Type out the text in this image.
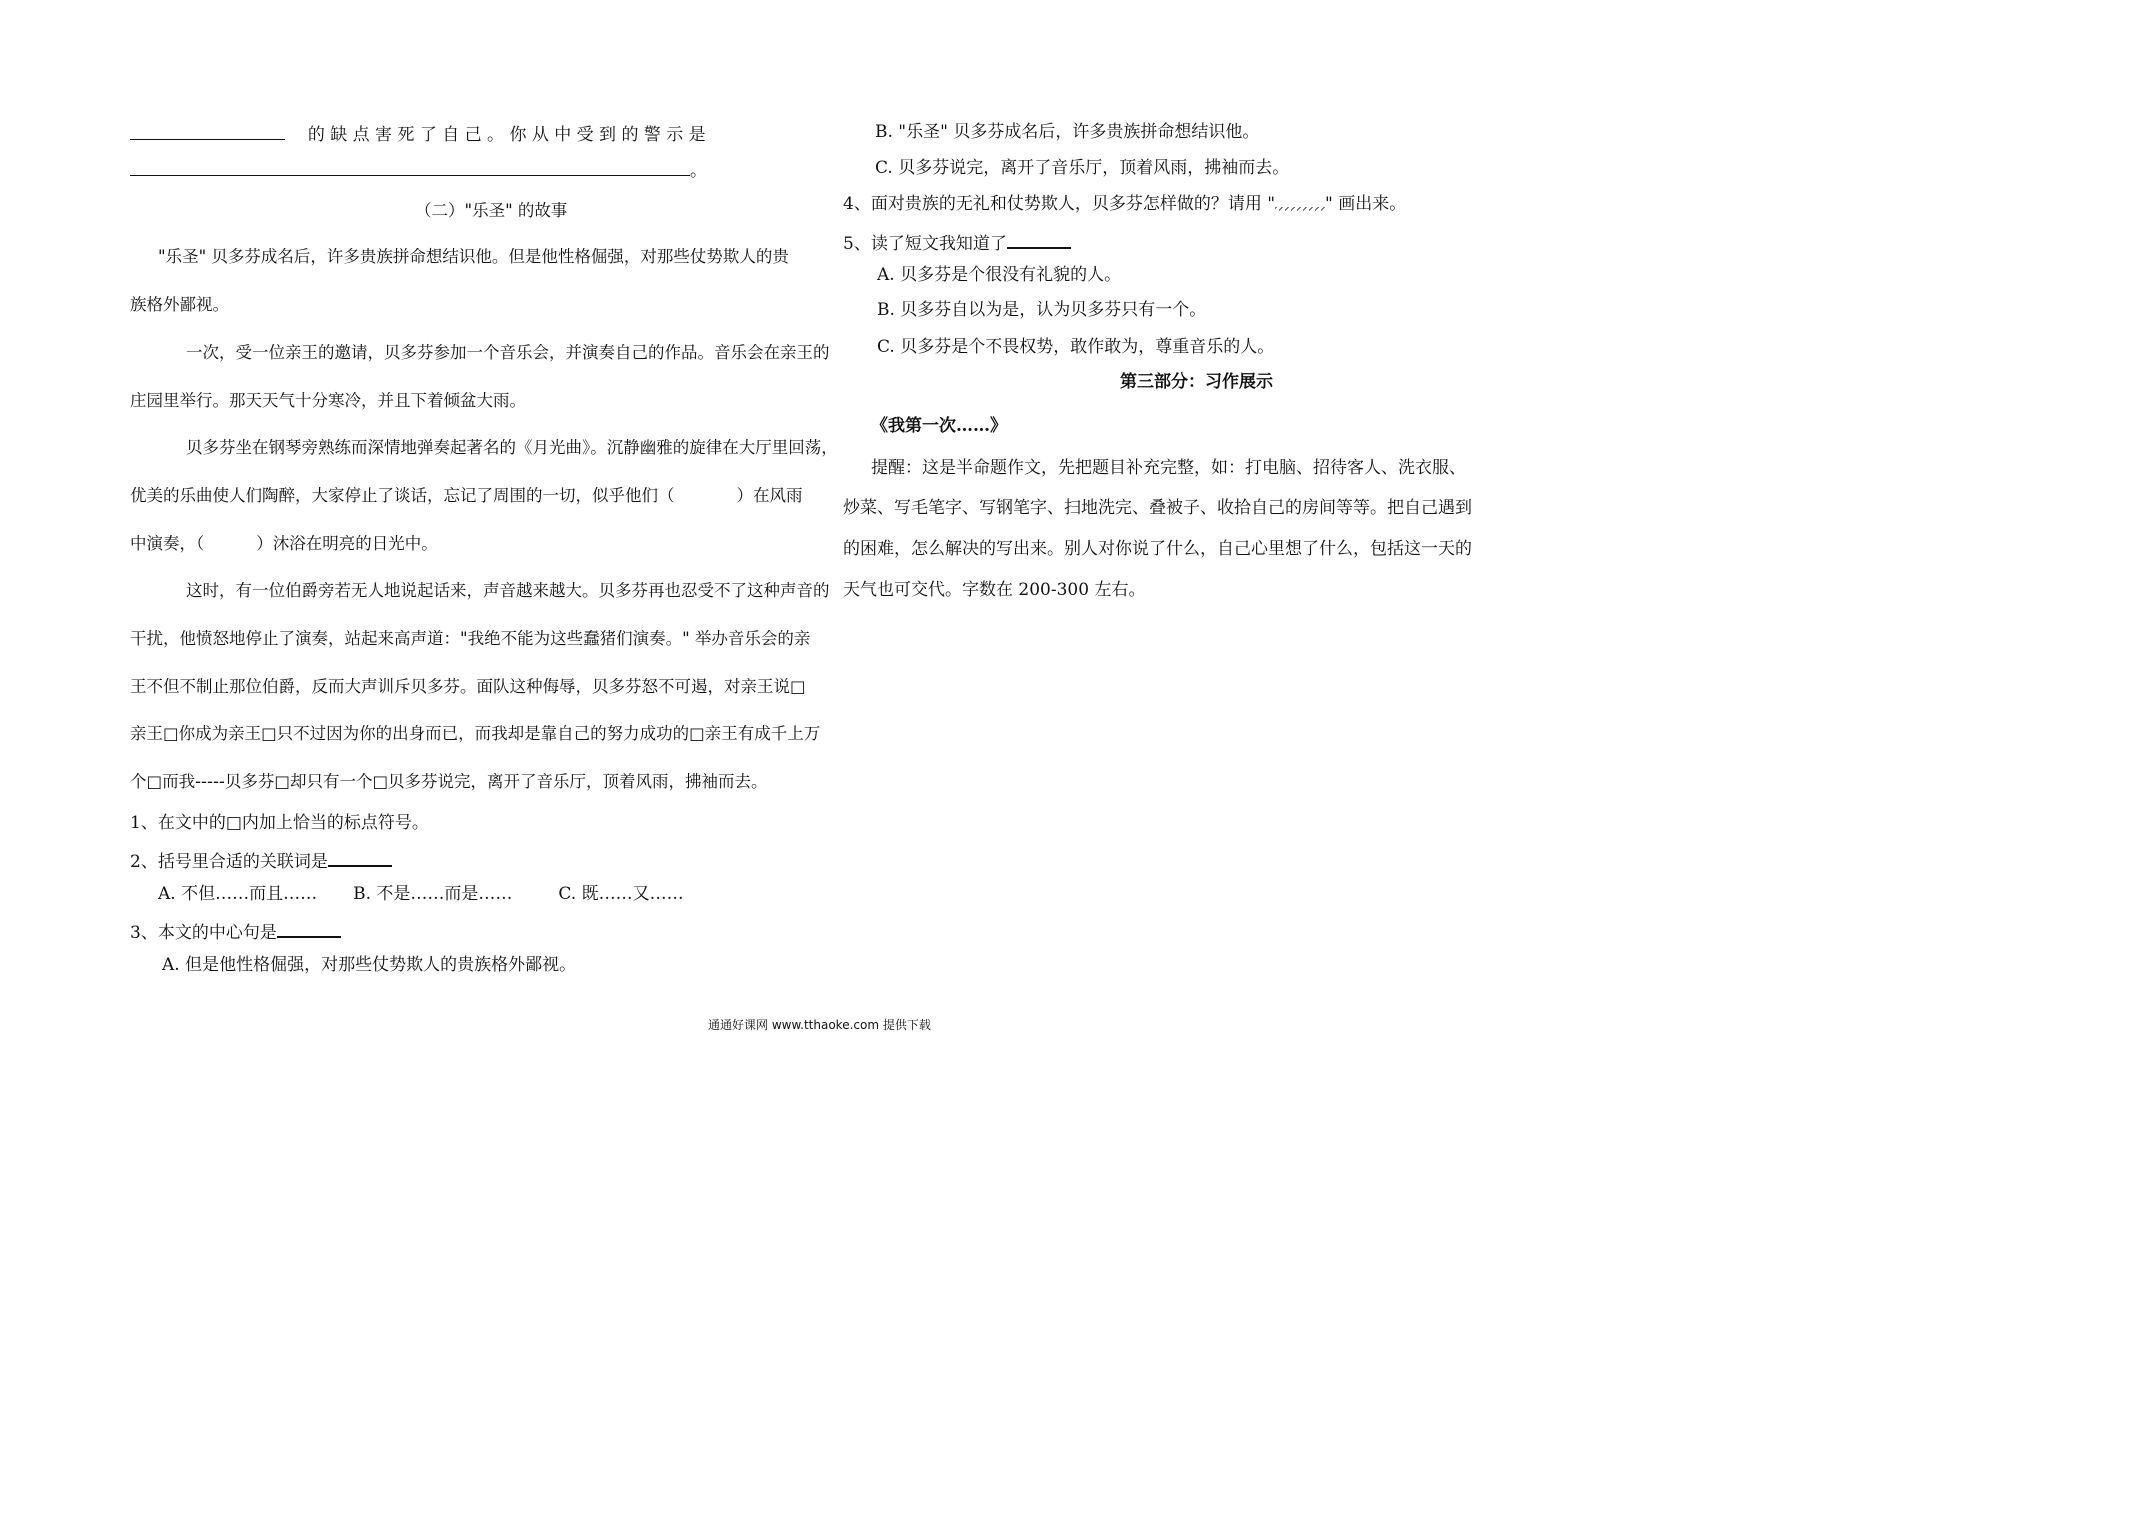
的 缺 点 害 死 了 自 己 。 你 从 中 受 到 的 警 示 是
。
（二）"乐圣" 的故事
"乐圣" 贝多芬成名后，许多贵族拼命想结识他。但是他性格倔强，对那些仗势欺人的贵
族格外鄙视。
一次，受一位亲王的邀请，贝多芬参加一个音乐会，并演奏自己的作品。音乐会在亲王的
庄园里举行。那天天气十分寒冷，并且下着倾盆大雨。
贝多芬坐在钢琴旁熟练而深情地弹奏起著名的《月光曲》。沉静幽雅的旋律在大厅里回荡，
优美的乐曲使人们陶醉，大家停止了谈话，忘记了周围的一切，似乎他们（	）在风雨
中演奏，（	）沐浴在明亮的日光中。
这时，有一位伯爵旁若无人地说起话来，声音越来越大。贝多芬再也忍受不了这种声音的
干扰，他愤怒地停止了演奏，站起来高声道："我绝不能为这些蠢猪们演奏。" 举办音乐会的亲
王不但不制止那位伯爵，反而大声训斥贝多芬。面队这种侮辱，贝多芬怒不可遏，对亲王说□
亲王□你成为亲王□只不过因为你的出身而已，而我却是靠自己的努力成功的□亲王有成千上万
个□而我-----贝多芬□却只有一个□贝多芬说完，离开了音乐厅，顶着风雨，拂袖而去。
1、在文中的□内加上恰当的标点符号。
2、括号里合适的关联词是
A. 不但……而且…… B. 不是……而是……	C. 既……又……
3、本文的中心句是
A. 但是他性格倔强，对那些仗势欺人的贵族格外鄙视。
B. "乐圣" 贝多芬成名后，许多贵族拼命想结识他。
C. 贝多芬说完，离开了音乐厅，顶着风雨，拂袖而去。
4、面对贵族的无礼和仗势欺人，贝多芬怎样做的？请用 "	" 画出来。
5、读了短文我知道了
A. 贝多芬是个很没有礼貌的人。
B. 贝多芬自以为是，认为贝多芬只有一个。
C. 贝多芬是个不畏权势，敢作敢为，尊重音乐的人。
第三部分：习作展示
《我第一次……》
提醒：这是半命题作文，先把题目补充完整，如：打电脑、招待客人、洗衣服、
炒菜、写毛笔字、写钢笔字、扫地洗完、叠被子、收拾自己的房间等等。把自己遇到
的困难，怎么解决的写出来。别人对你说了什么，自己心里想了什么，包括这一天的
天气也可交代。字数在 200-300 左右。
通通好课网 www.tthaoke.com 提供下载
